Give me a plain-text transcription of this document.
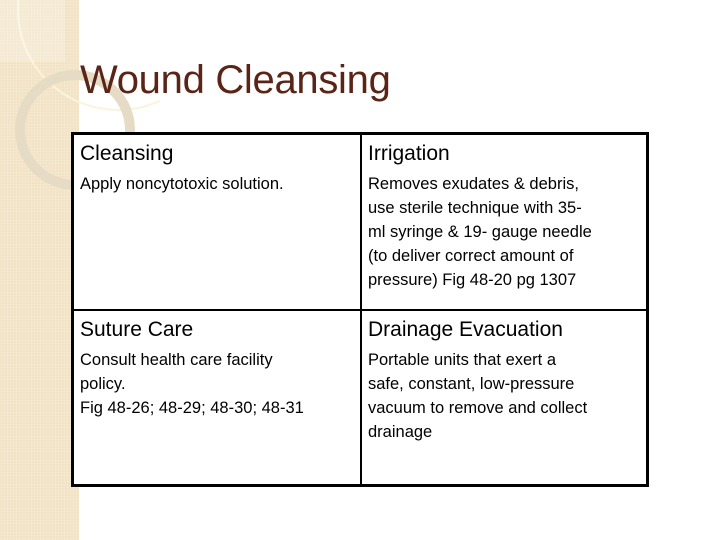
Wound Cleansing
Cleansing
Apply noncytotoxic solution.
Irrigation
Removes exudates & debris,
use sterile technique with 35-
ml syringe & 19- gauge needle
(to deliver correct amount of
pressure) Fig 48-20 pg 1307
Suture Care
Consult health care facility
policy.
Fig 48-26; 48-29; 48-30; 48-31
Drainage Evacuation
Portable units that exert a
safe, constant, low-pressure
vacuum to remove and collect
drainage
